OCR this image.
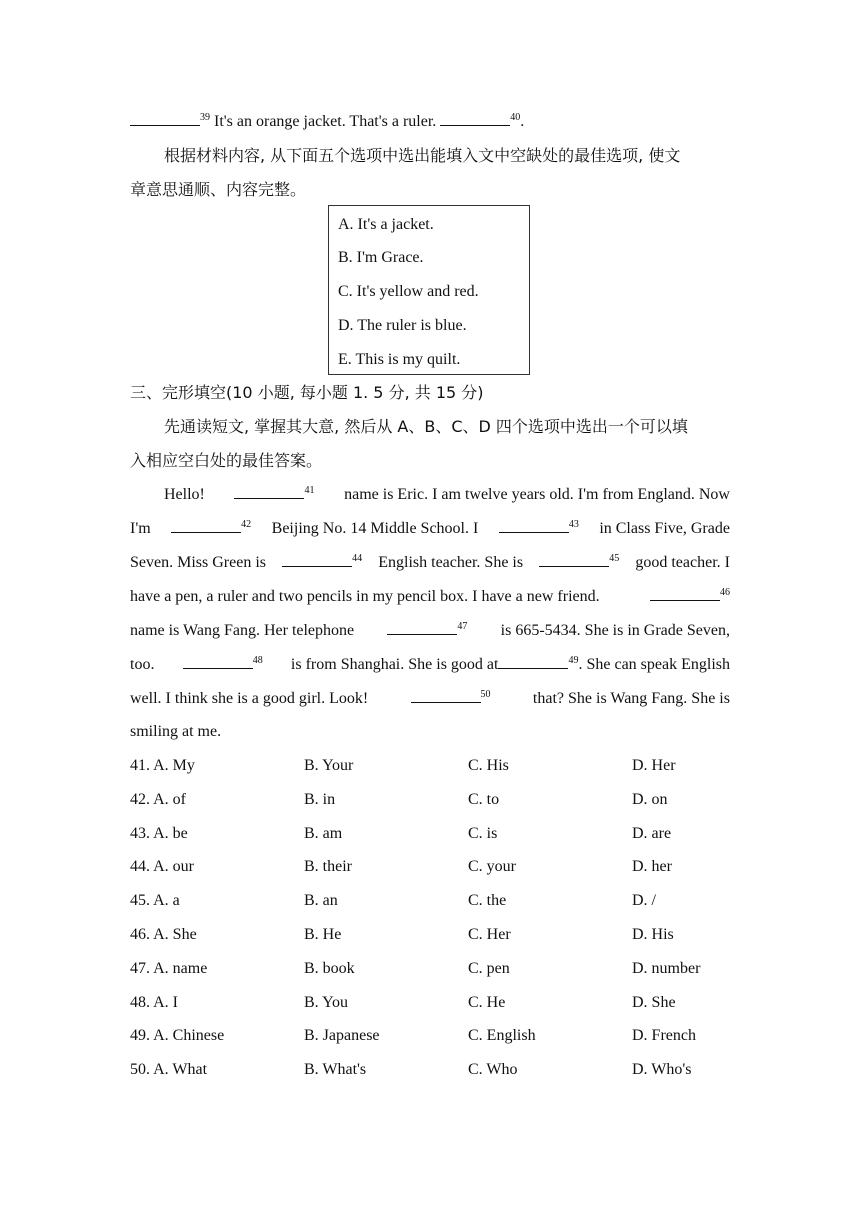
$^{39}$ It's an orange jacket. That's a ruler.	$^{40}$.
根据材料内容, 从下面五个选项中选出能填入文中空缺处的最佳选项, 使文
章意思通顺、内容完整。
A. It's a jacket.
B. I'm Grace.
C. It's yellow and red.
D. The ruler is blue.
E. This is my quilt.
三、完形填空(10 小题, 每小题 1. 5 分, 共 15 分)
先通读短文, 掌握其大意, 然后从 A、B、C、D 四个选项中选出一个可以填
入相应空白处的最佳答案。
Hello!	$^{41}$ name is Eric. I am twelve years old. I'm from England. Now
I'm	$^{42}$ Beijing No. 14 Middle School. I	$^{43}$ in Class Five, Grade
Seven. Miss Green is	$^{44}$ English teacher. She is	$^{45}$ good teacher. I
have a pen, a ruler and two pencils in my pencil box. I have a new friend.	$^{46}$
name is Wang Fang. Her telephone	$^{47}$ is 665-5434. She is in Grade Seven,
too.	$^{48}$ is from Shanghai. She is good at	$^{49}$. She can speak English
well. I think she is a good girl. Look!	$^{50}$	that? She is Wang Fang. She is
smiling at me.
41. A. My	B. Your	C. His	D. Her
42. A. of	B. in	C. to	D. on
43. A. be	B. am	C. is	D. are
44. A. our	B. their	C. your	D. her
45. A. a	B. an	C. the	D. /
46. A. She	B. He	C. Her	D. His
47. A. name	B. book	C. pen	D. number
48. A. I	B. You	C. He	D. She
49. A. Chinese	B. Japanese	C. English	D. French
50. A. What	B. What's	C. Who	D. Who's
